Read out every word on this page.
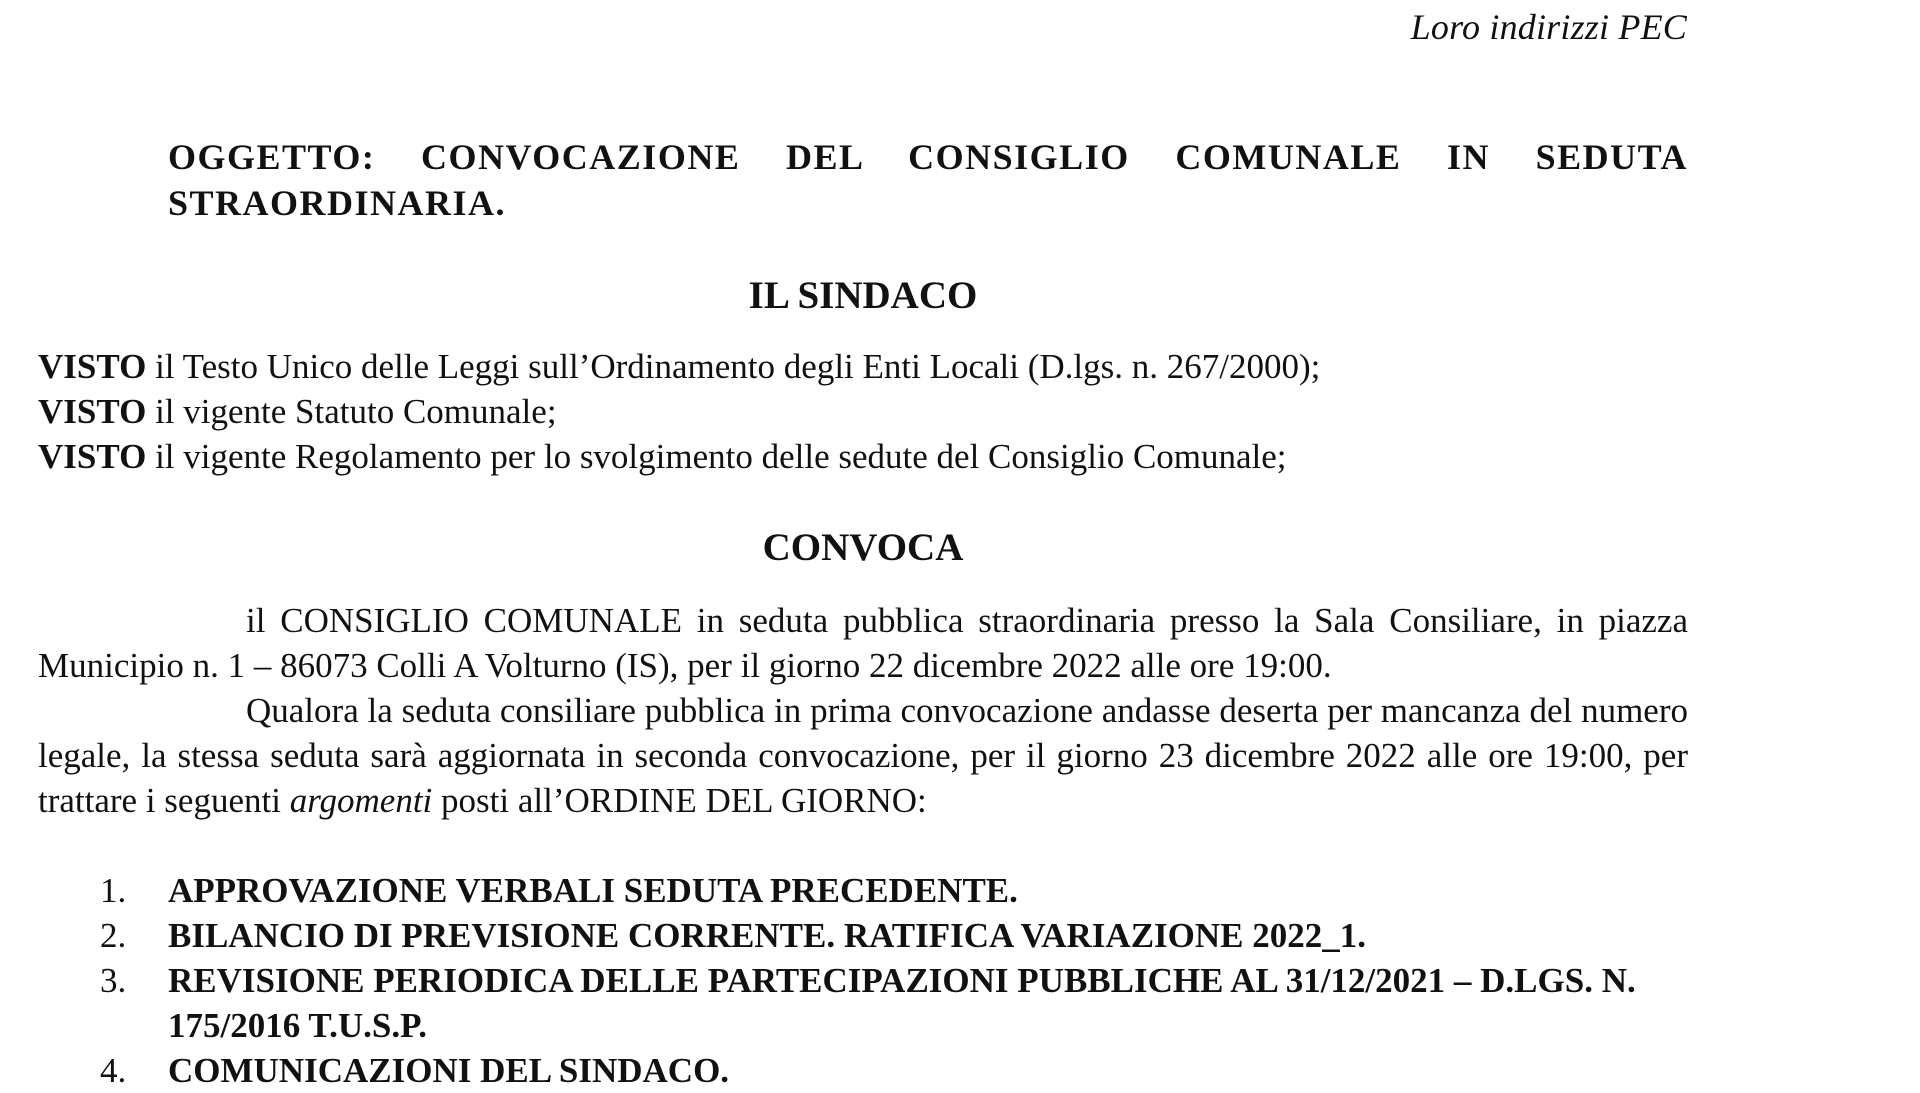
Loro indirizzi PEC
OGGETTO: CONVOCAZIONE DEL CONSIGLIO COMUNALE IN SEDUTA
STRAORDINARIA.
IL SINDACO
VISTO il Testo Unico delle Leggi sull’Ordinamento degli Enti Locali (D.lgs. n. 267/2000);
VISTO il vigente Statuto Comunale;
VISTO il vigente Regolamento per lo svolgimento delle sedute del Consiglio Comunale;
CONVOCA
il CONSIGLIO COMUNALE in seduta pubblica straordinaria presso la Sala Consiliare, in piazza Municipio n. 1 – 86073 Colli A Volturno (IS), per il giorno 22 dicembre 2022 alle ore 19:00.
Qualora la seduta consiliare pubblica in prima convocazione andasse deserta per mancanza del numero legale, la stessa seduta sarà aggiornata in seconda convocazione, per il giorno 23 dicembre 2022 alle ore 19:00, per trattare i seguenti argomenti posti all’ORDINE DEL GIORNO:
1. APPROVAZIONE VERBALI SEDUTA PRECEDENTE.
2. BILANCIO DI PREVISIONE CORRENTE. RATIFICA VARIAZIONE 2022_1.
3. REVISIONE PERIODICA DELLE PARTECIPAZIONI PUBBLICHE AL 31/12/2021 – D.LGS. N. 175/2016 T.U.S.P.
4. COMUNICAZIONI DEL SINDACO.
